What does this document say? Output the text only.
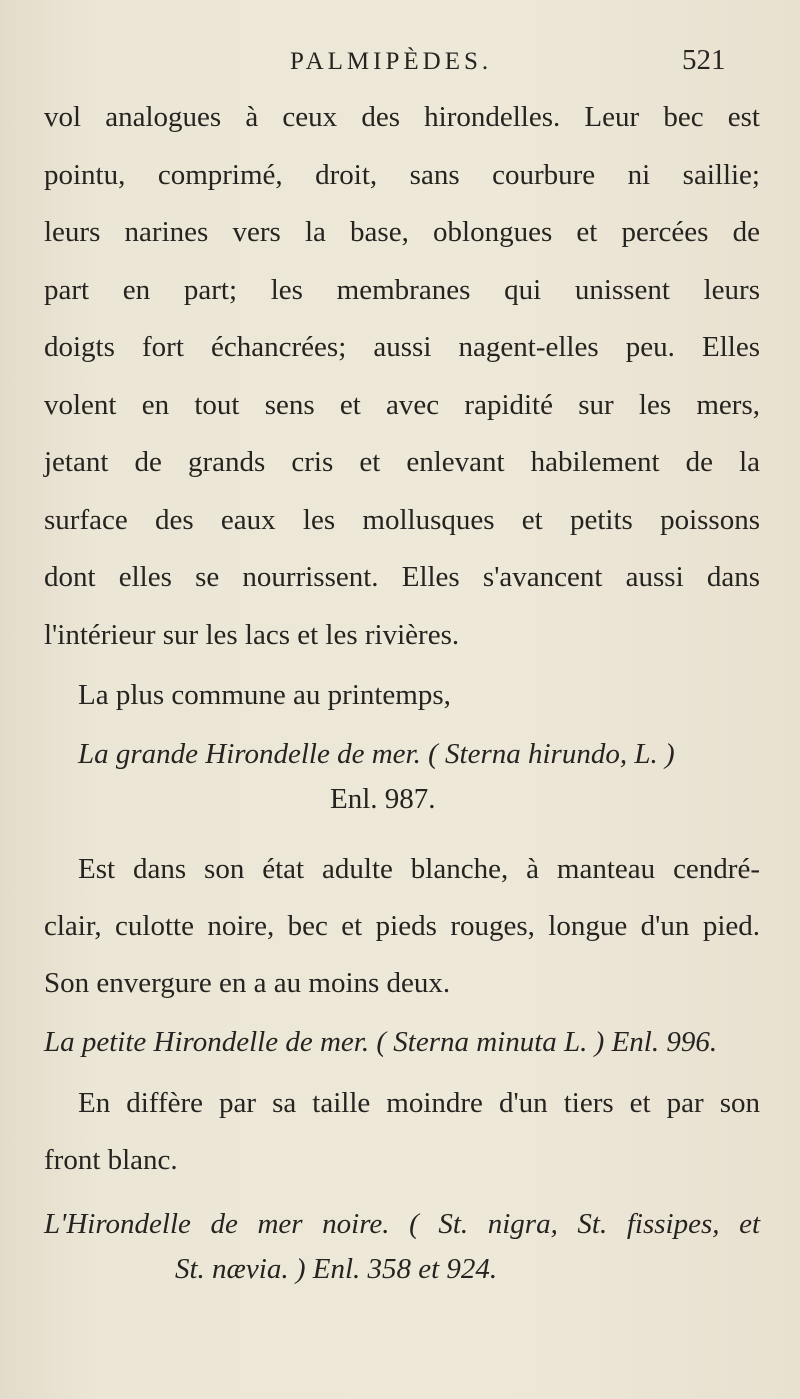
PALMIPÈDES.	521
vol analogues à ceux des hirondelles. Leur bec est
pointu, comprimé, droit, sans courbure ni saillie;
leurs narines vers la base, oblongues et percées de
part en part; les membranes qui unissent leurs
doigts fort échancrées; aussi nagent-elles peu. Elles
volent en tout sens et avec rapidité sur les mers,
jetant de grands cris et enlevant habilement de la
surface des eaux les mollusques et petits poissons
dont elles se nourrissent. Elles s'avancent aussi dans
l'intérieur sur les lacs et les rivières.
La plus commune au printemps,
La grande Hirondelle de mer. ( Sterna hirundo, L. )
Enl. 987.
Est dans son état adulte blanche, à manteau cendré-
clair, culotte noire, bec et pieds rouges, longue d'un pied.
Son envergure en a au moins deux.
La petite Hirondelle de mer. ( Sterna minuta L. ) Enl. 996.
En diffère par sa taille moindre d'un tiers et par son
front blanc.
L'Hirondelle de mer noire. ( St. nigra, St. fissipes, et
St. nævia. ) Enl. 358 et 924.
